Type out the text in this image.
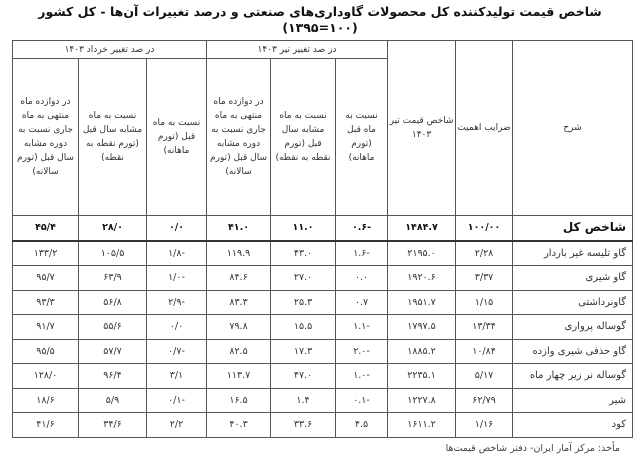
شاخص قیمت تولیدکننده کل محصولات گاوداری‌های صنعتی و درصد تغییرات آن‌ها - کل کشور (۱۰۰=۱۳۹۵)
شرح	ضرایب اهمیت	شاخص قیمت تیر ۱۴۰۳	در صد تغییر تیر ۱۴۰۳			در صد تغییر خرداد ۱۴۰۳		
			نسبت به ماه قبل (تورم ماهانه)	نسبت به ماه مشابه سال قبل (تورم نقطه به نقطه)	در دوازده ماه منتهی به ماه جاری نسبت به دوره مشابه سال قبل (تورم سالانه)	نسبت به ماه قبل (تورم ماهانه)	نسبت به ماه مشابه سال قبل (تورم نقطه به نقطه)	در دوازده ماه منتهی به ماه جاری نسبت به دوره مشابه سال قبل (تورم سالانه)
شاخص کل	۱۰۰/۰۰	۱۴۸۴.۷	-۰.۶	۱۱.۰	۴۱.۰	۰/۰	۲۸/۰	۴۵/۴
گاو تلیسه غیر باردار	۲/۲۸	۲۱۹۵.۰	-۱.۶	۴۳.۰	۱۱۹.۹	-۱/۸	۱۰۵/۵	۱۳۳/۲
گاو شیری	۳/۳۷	۱۹۲۰.۶	۰.۰	۲۷.۰	۸۴.۶	-۱/۰	۶۳/۹	۹۵/۷
گاونرداشتی	۱/۱۵	۱۹۵۱.۷	۰.۷	۲۵.۳	۸۳.۳	-۲/۹	۵۶/۸	۹۳/۳
گوساله پرواری	۱۳/۳۴	۱۷۹۷.۵	-۱.۱	۱۵.۵	۷۹.۸	۰/۰	۵۵/۶	۹۱/۷
گاو حذفی شیری وازده	۱۰/۸۴	۱۸۸۵.۲	-۲.۰	۱۷.۳	۸۲.۵	-۰/۷	۵۷/۷	۹۵/۵
گوساله نر زیر چهار ماه	۵/۱۷	۲۲۳۵.۱	-۱.۰	۴۷.۰	۱۱۳.۷	۳/۱	۹۶/۴	۱۲۸/۰
شیر	۶۲/۷۹	۱۲۲۷.۸	-۰.۱	۱.۴	۱۶.۵	-۰/۱	۵/۹	۱۸/۶
کود	۱/۱۶	۱۶۱۱.۲	۴.۵	۳۳.۶	۴۰.۳	۲/۲	۳۴/۶	۴۱/۶
مأخذ: مرکز آمار ایران- دفتر شاخص قیمت‌ها
